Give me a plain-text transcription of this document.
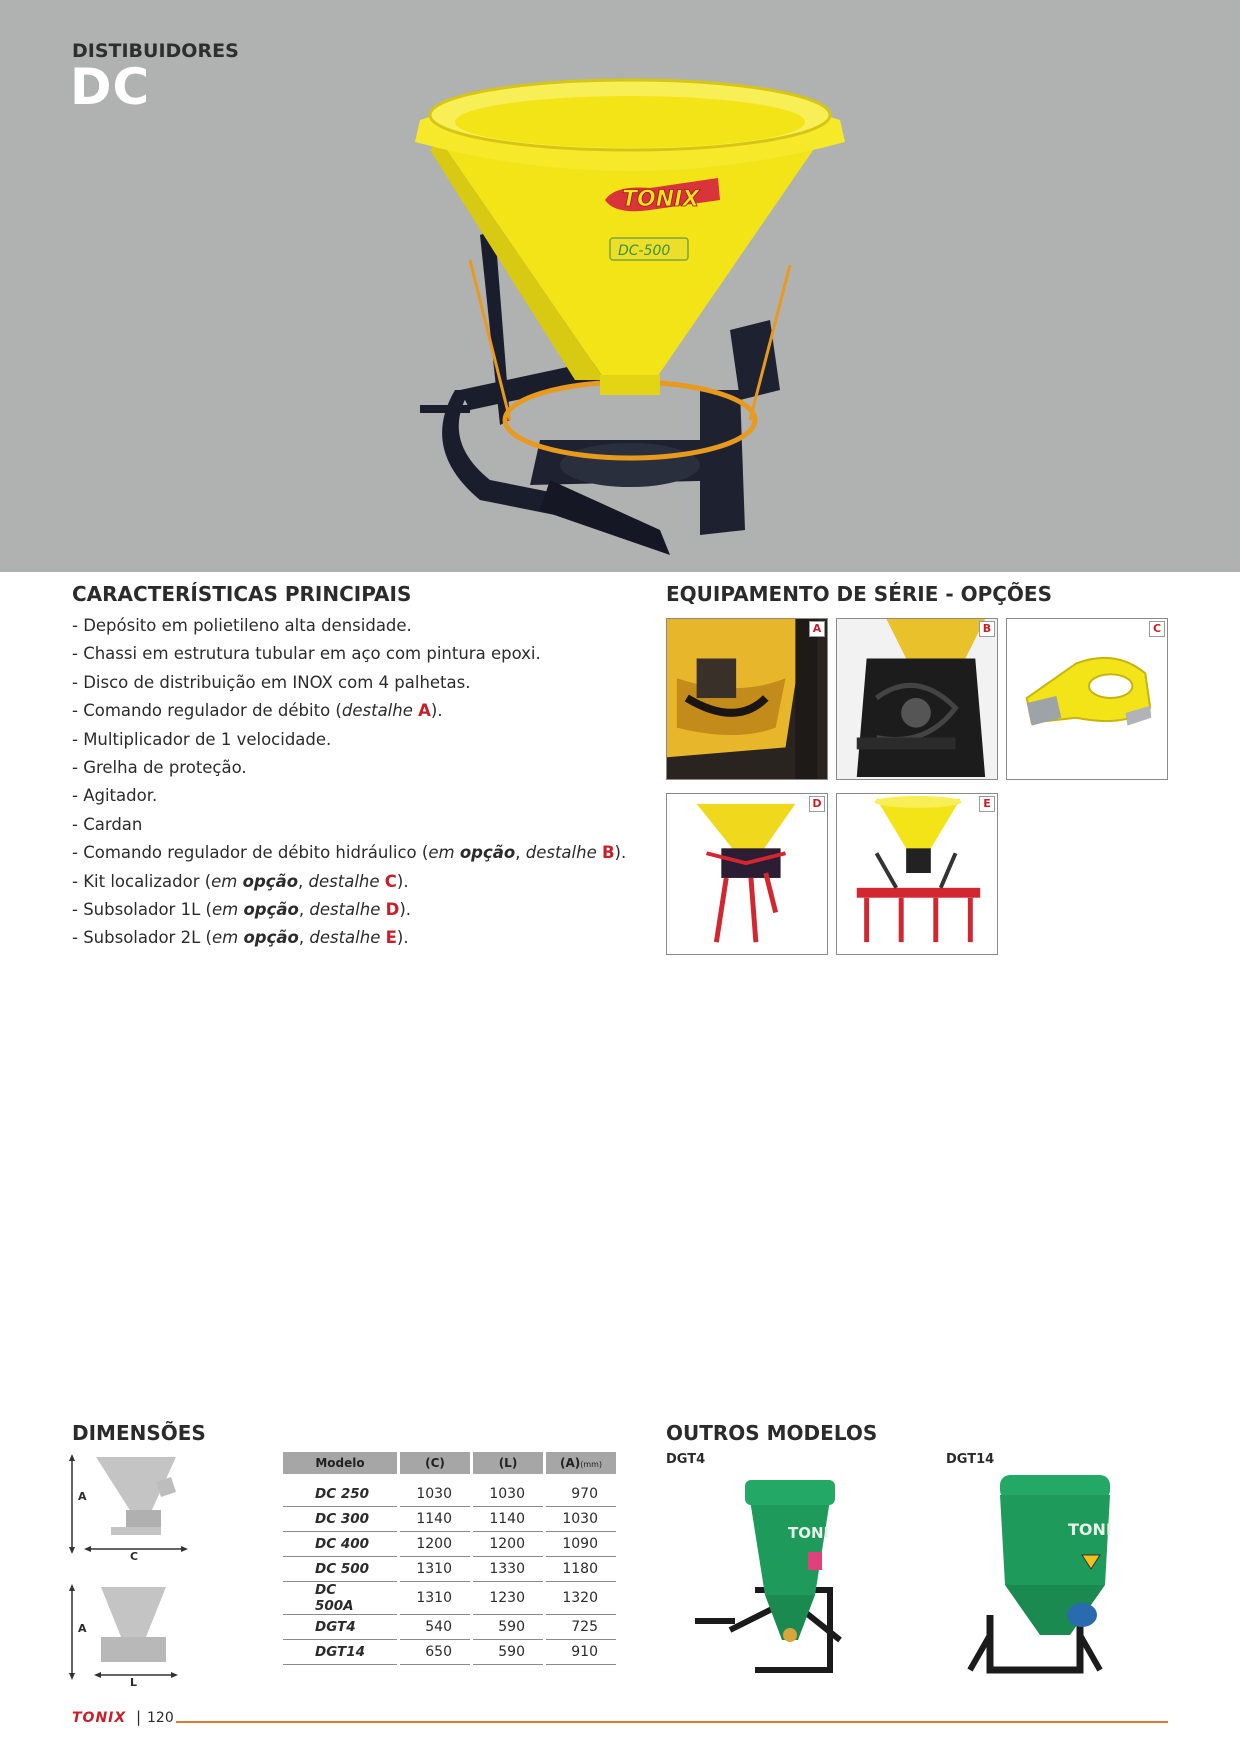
DISTIBUIDORES
DC
TONIX
DC-500
CARACTERÍSTICAS PRINCIPAIS
- Depósito em polietileno alta densidade.
- Chassi em estrutura tubular em aço com pintura epoxi.
- Disco de distribuição em INOX com 4 palhetas.
- Comando regulador de débito (destalhe A).
- Multiplicador de 1 velocidade.
- Grelha de proteção.
- Agitador.
- Cardan
- Comando regulador de débito hidráulico (em opção, destalhe B).
- Kit localizador (em opção, destalhe C).
- Subsolador 1L (em opção, destalhe D).
- Subsolador 2L (em opção, destalhe E).
EQUIPAMENTO DE SÉRIE - OPÇÕES
A	B	C
D	E
DIMENSÕES
A
C
A
L
Modelo	(C)	(L)	(A)(mm)
DC 250	1030	1030	970
DC 300	1140	1140	1030
DC 400	1200	1200	1090
DC 500	1310	1330	1180
DC 500A	1310	1230	1320
DGT4	540	590	725
DGT14	650	590	910
OUTROS MODELOS
DGT4	DGT14
TONI	TONI
TONIX | 120
